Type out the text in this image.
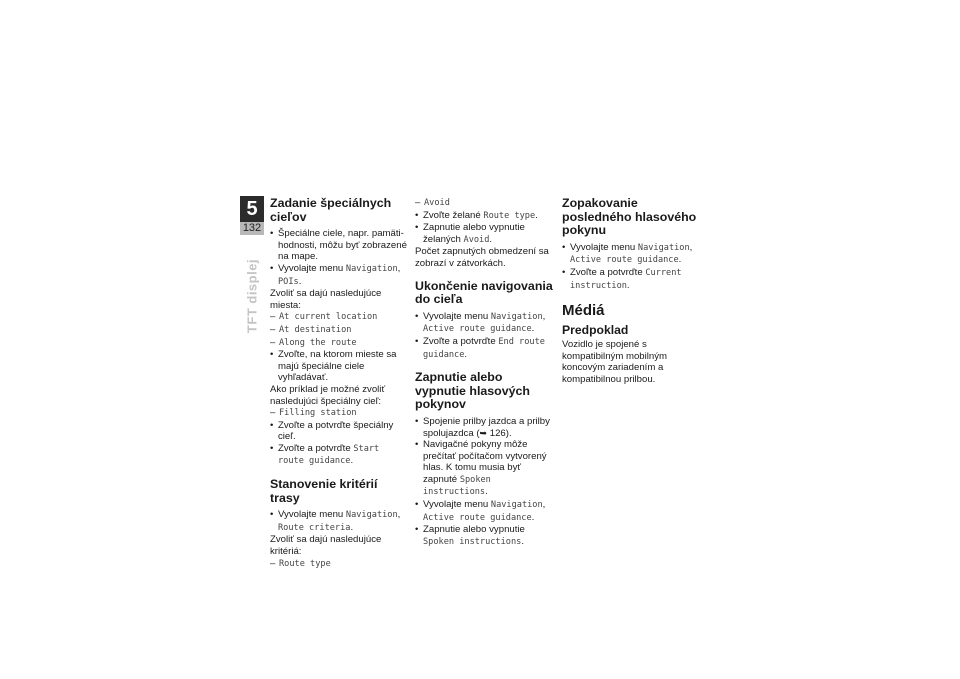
5
132
TFT displej
Zadanie špeciálnych cieľov

• Špeciálne ciele, napr. pamäti-hodnosti, môžu byť zobrazené na mape.

• Vyvolajte menu Navigation, POIs.

Zvoliť sa dajú nasledujúce miesta:

– At current location

– At destination

– Along the route

• Zvoľte, na ktorom mieste sa majú špeciálne ciele vyhľadávať.

Ako príklad je možné zvoliť nasledujúci špeciálny cieľ:

– Filling station

• Zvoľte a potvrďte špeciálny cieľ.

• Zvoľte a potvrďte Start route guidance.

Stanovenie kritérií trasy

• Vyvolajte menu Navigation, Route criteria.

Zvoliť sa dajú nasledujúce kritériá:

– Route type

– Avoid

• Zvoľte želané Route type.

• Zapnutie alebo vypnutie želaných Avoid.

Počet zapnutých obmedzení sa zobrazí v zátvorkách.

Ukončenie navigovania do cieľa

• Vyvolajte menu Navigation, Active route guidance.

• Zvoľte a potvrďte End route guidance.

Zapnutie alebo vypnutie hlasových pokynov

• Spojenie prilby jazdca a prilby spolujazdca (➥ 126).

• Navigačné pokyny môže prečítať počítačom vytvorený hlas. K tomu musia byť zapnuté Spoken instructions.

• Vyvolajte menu Navigation, Active route guidance.

• Zapnutie alebo vypnutie Spoken instructions.

Zopakovanie posledného hlasového pokynu

• Vyvolajte menu Navigation, Active route guidance.

• Zvoľte a potvrďte Current instruction.

Médiá
Predpoklad

Vozidlo je spojené s kompatibilným mobilným koncovým zariadením a kompatibilnou prilbou.
